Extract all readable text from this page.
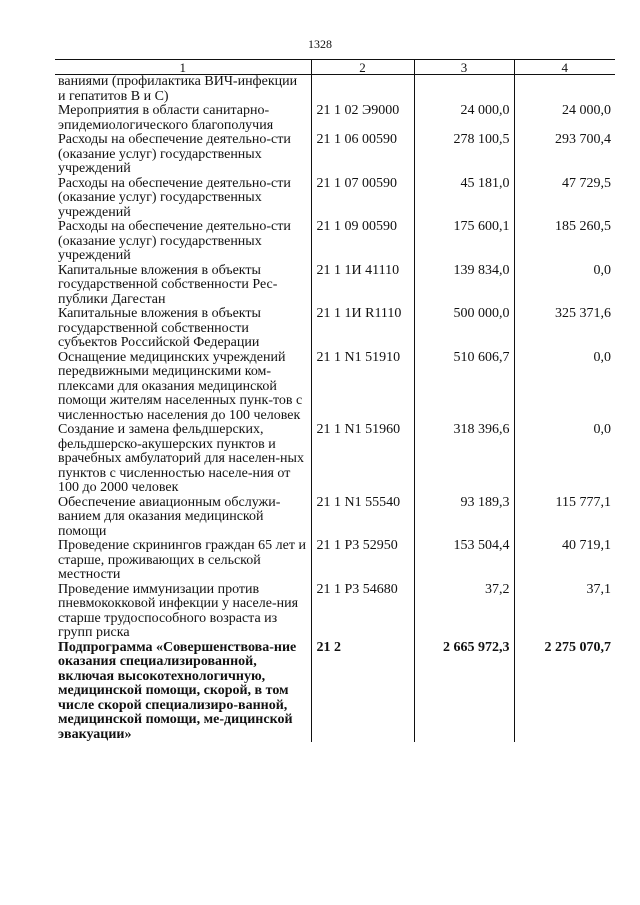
1328
1	2	3	4
ваниями (профилактика ВИЧ-инфекции и гепатитов В и С)			
Мероприятия в области санитарно-эпидемиологического благополучия	21 1 02 Э9000	24 000,0	24 000,0
Расходы на обеспечение деятельно-сти (оказание услуг) государственных учреждений	21 1 06 00590	278 100,5	293 700,4
Расходы на обеспечение деятельно-сти (оказание услуг) государственных учреждений	21 1 07 00590	45 181,0	47 729,5
Расходы на обеспечение деятельно-сти (оказание услуг) государственных учреждений	21 1 09 00590	175 600,1	185 260,5
Капитальные вложения в объекты государственной собственности Рес-публики Дагестан	21 1 1И 41110	139 834,0	0,0
Капитальные вложения в объекты государственной собственности субъектов Российской Федерации	21 1 1И R1110	500 000,0	325 371,6
Оснащение медицинских учреждений передвижными медицинскими ком-плексами для оказания медицинской помощи жителям населенных пунк-тов с численностью населения до 100 человек	21 1 N1 51910	510 606,7	0,0
Создание и замена фельдшерских, фельдшерско-акушерских пунктов и врачебных амбулаторий для населен-ных пунктов с численностью населе-ния от 100 до 2000 человек	21 1 N1 51960	318 396,6	0,0
Обеспечение авиационным обслужи-ванием для оказания медицинской помощи	21 1 N1 55540	93 189,3	115 777,1
Проведение скринингов граждан 65 лет и старше, проживающих в сельской местности	21 1 P3 52950	153 504,4	40 719,1
Проведение иммунизации против пневмококковой инфекции у населе-ния старше трудоспособного возраста из групп риска	21 1 P3 54680	37,2	37,1
Подпрограмма «Совершенствова-ние оказания специализированной, включая высокотехнологичную, медицинской помощи, скорой, в том числе скорой специализиро-ванной, медицинской помощи, ме-дицинской эвакуации»	21 2	2 665 972,3	2 275 070,7
